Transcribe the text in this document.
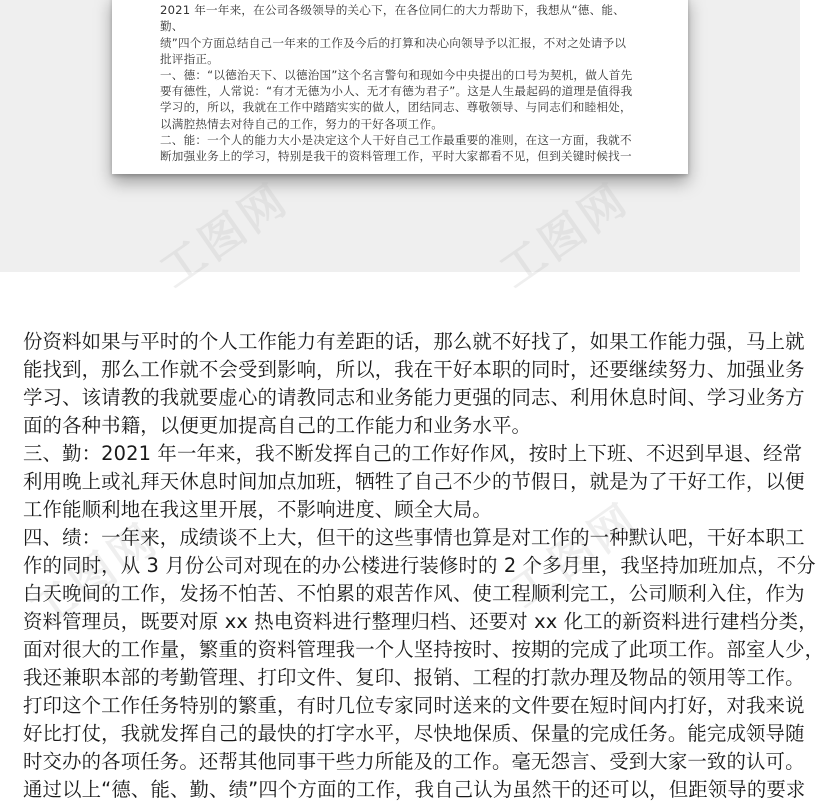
2021 年一年来，在公司各级领导的关心下，在各位同仁的大力帮助下，我想从“德、能、勤、

绩”四个方面总结自己一年来的工作及今后的打算和决心向领导予以汇报，不对之处请予以

批评指正。

一、德：“以德治天下、以德治国”这个名言警句和现如今中央提出的口号为契机，做人首先

要有德性，人常说：“有才无德为小人、无才有德为君子”。这是人生最起码的道理是值得我

学习的，所以，我就在工作中踏踏实实的做人，团结同志、尊敬领导、与同志们和睦相处，

以满腔热情去对待自己的工作，努力的干好各项工作。

二、能：一个人的能力大小是决定这个人干好自己工作最重要的准则，在这一方面，我就不

断加强业务上的学习，特别是我干的资料管理工作，平时大家都看不见，但到关键时候找一

工图网	工图网
工图网	工图网

份资料如果与平时的个人工作能力有差距的话，那么就不好找了，如果工作能力强，马上就

能找到，那么工作就不会受到影响，所以，我在干好本职的同时，还要继续努力、加强业务

学习、该请教的我就要虚心的请教同志和业务能力更强的同志、利用休息时间、学习业务方

面的各种书籍，以便更加提高自己的工作能力和业务水平。

三、勤：2021 年一年来，我不断发挥自己的工作好作风，按时上下班、不迟到早退、经常

利用晚上或礼拜天休息时间加点加班，牺牲了自己不少的节假日，就是为了干好工作，以便

工作能顺利地在我这里开展，不影响进度、顾全大局。

四、绩：一年来，成绩谈不上大，但干的这些事情也算是对工作的一种默认吧，干好本职工

作的同时，从 3 月份公司对现在的办公楼进行装修时的 2 个多月里，我坚持加班加点，不分

白天晚间的工作，发扬不怕苦、不怕累的艰苦作风、使工程顺利完工，公司顺利入住，作为

资料管理员，既要对原 xx 热电资料进行整理归档、还要对 xx 化工的新资料进行建档分类，

面对很大的工作量，繁重的资料管理我一个人坚持按时、按期的完成了此项工作。部室人少，

我还兼职本部的考勤管理、打印文件、复印、报销、工程的打款办理及物品的领用等工作。

打印这个工作任务特别的繁重，有时几位专家同时送来的文件要在短时间内打好，对我来说

好比打仗，我就发挥自己的最快的打字水平，尽快地保质、保量的完成任务。能完成领导随

时交办的各项任务。还帮其他同事干些力所能及的工作。毫无怨言、受到大家一致的认可。

通过以上“德、能、勤、绩”四个方面的工作，我自己认为虽然干的还可以，但距领导的要求
